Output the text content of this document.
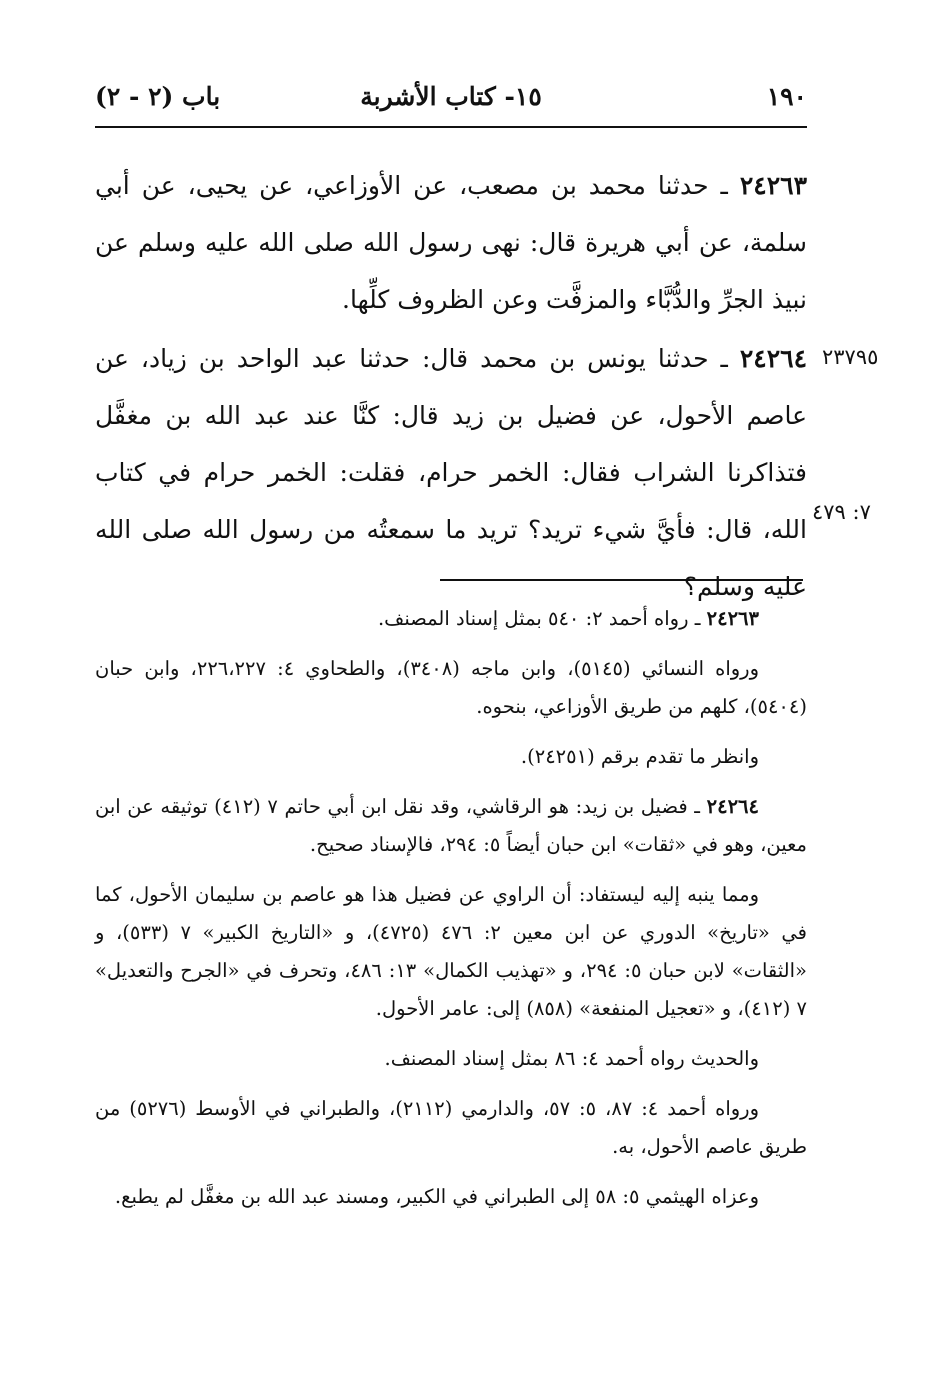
١٩٠
١٥- كتاب الأشربة
باب (٢ - ٢)
٢٤٢٦٣ ـ حدثنا محمد بن مصعب، عن الأوزاعي، عن يحيى، عن أبي سلمة، عن أبي هريرة قال: نهى رسول الله صلى الله عليه وسلم عن نبيذ الجرِّ والدُّبَّاء والمزفَّت وعن الظروف كلِّها.
٢٤٢٦٤ ـ حدثنا يونس بن محمد قال: حدثنا عبد الواحد بن زياد، عن عاصم الأحول، عن فضيل بن زيد قال: كنَّا عند عبد الله بن مغفَّل فتذاكرنا الشراب فقال: الخمر حرام، فقلت: الخمر حرام في كتاب الله، قال: فأيَّ شيء تريد؟ تريد ما سمعتُه من رسول الله صلى الله عليه وسلم؟
٢٣٧٩٥
٧: ٤٧٩

٢٤٢٦٣ ـ رواه أحمد ٢: ٥٤٠ بمثل إسناد المصنف.

ورواه النسائي (٥١٤٥)، وابن ماجه (٣٤٠٨)، والطحاوي ٤: ٢٢٦،٢٢٧، وابن حبان (٥٤٠٤)، كلهم من طريق الأوزاعي، بنحوه.

وانظر ما تقدم برقم (٢٤٢٥١).

٢٤٢٦٤ ـ فضيل بن زيد: هو الرقاشي، وقد نقل ابن أبي حاتم ٧ (٤١٢) توثيقه عن ابن معين، وهو في «ثقات» ابن حبان أيضاً ٥: ٢٩٤، فالإسناد صحيح.

ومما ينبه إليه ليستفاد: أن الراوي عن فضيل هذا هو عاصم بن سليمان الأحول، كما في «تاريخ» الدوري عن ابن معين ٢: ٤٧٦ (٤٧٢٥)، و «التاريخ الكبير» ٧ (٥٣٣)، و «الثقات» لابن حبان ٥: ٢٩٤، و «تهذيب الكمال» ١٣: ٤٨٦، وتحرف في «الجرح والتعديل» ٧ (٤١٢)، و «تعجيل المنفعة» (٨٥٨) إلى: عامر الأحول.

والحديث رواه أحمد ٤: ٨٦ بمثل إسناد المصنف.

ورواه أحمد ٤: ٨٧، ٥: ٥٧، والدارمي (٢١١٢)، والطبراني في الأوسط (٥٢٧٦) من طريق عاصم الأحول، به.

وعزاه الهيثمي ٥: ٥٨ إلى الطبراني في الكبير، ومسند عبد الله بن مغفَّل لم يطبع.
